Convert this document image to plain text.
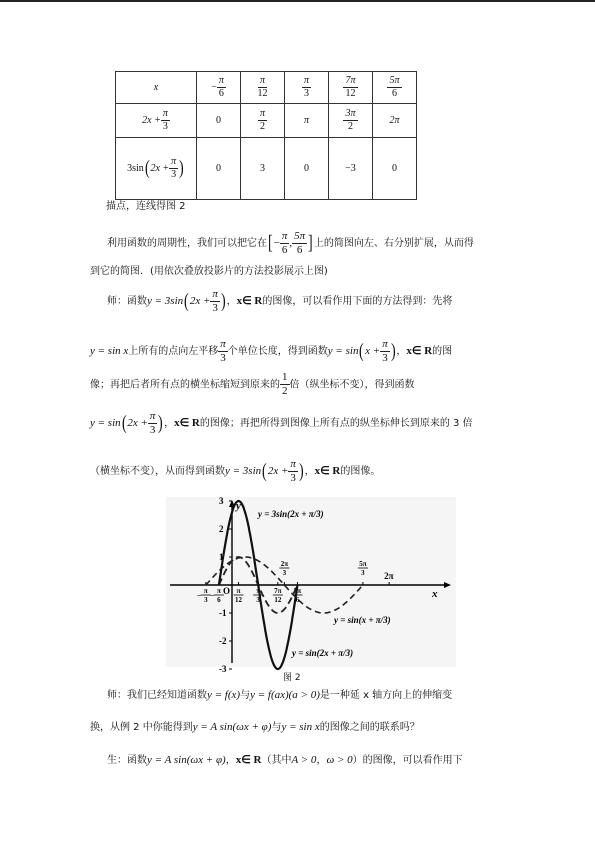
x	− $\frac{\pi}{6}$	$\frac{\pi}{12}$	$\frac{\pi}{3}$	$\frac{7\pi}{12}$	$\frac{5\pi}{6}$

$2x + \frac{\pi}{3}$	0	$\frac{\pi}{2}$	π	$\frac{3\pi}{2}$	2π
$3\sin(2x + \frac{\pi}{3}$ )	0	3	0	−3	0
描点，连线得图 2
利用函数的周期性，我们可以把它在[− $\frac{\pi}{6}$ , $\frac{5\pi}{6}$ ]上的简图向左、右分别扩展，从而得
到它的简图．(用依次叠放投影片的方法投影展示上图)
师：函数$y = 3\sin(2x + \frac{\pi}{3}$ )，x∈ R的图像，可以看作用下面的方法得到：先将
y = sin x上所有的点向左平移 $\frac{\pi}{3}$ 个单位长度，得到函数$y = \sin(x + \frac{\pi}{3}$ )，x∈ R的图
像；再把后者所有点的横坐标缩短到原来的 $\frac{1}{2}$ 倍（纵坐标不变），得到函数
$y = \sin(2x + \frac{\pi}{3}$ )，x∈ R的图像；再把所得到图像上所有点的纵坐标伸长到原来的 3 倍
（横坐标不变），从而得到函数$y = 3\sin(2x + \frac{\pi}{3}$ )，x∈ R的图像。
y
x
3
2
1
-1
-2
-3
− π
3 − π
6
O π
12
π
3
7π
12
5π
6
2π
3
5π
3 2π
y = 3sin(2x + π/3)
y = sin(x + π/3)
y = sin(2x + π/3)
图 2
师：我们已经知道函数y = f(x)与y = f(ax)(a > 0)是一种延 x 轴方向上的伸缩变
换，从例 2 中你能得到y = A sin(ωx + φ)与y = sin x的图像之间的联系吗？
生：函数y = A sin(ωx + φ)，x∈ R（其中A > 0，ω > 0）的图像，可以看作用下
